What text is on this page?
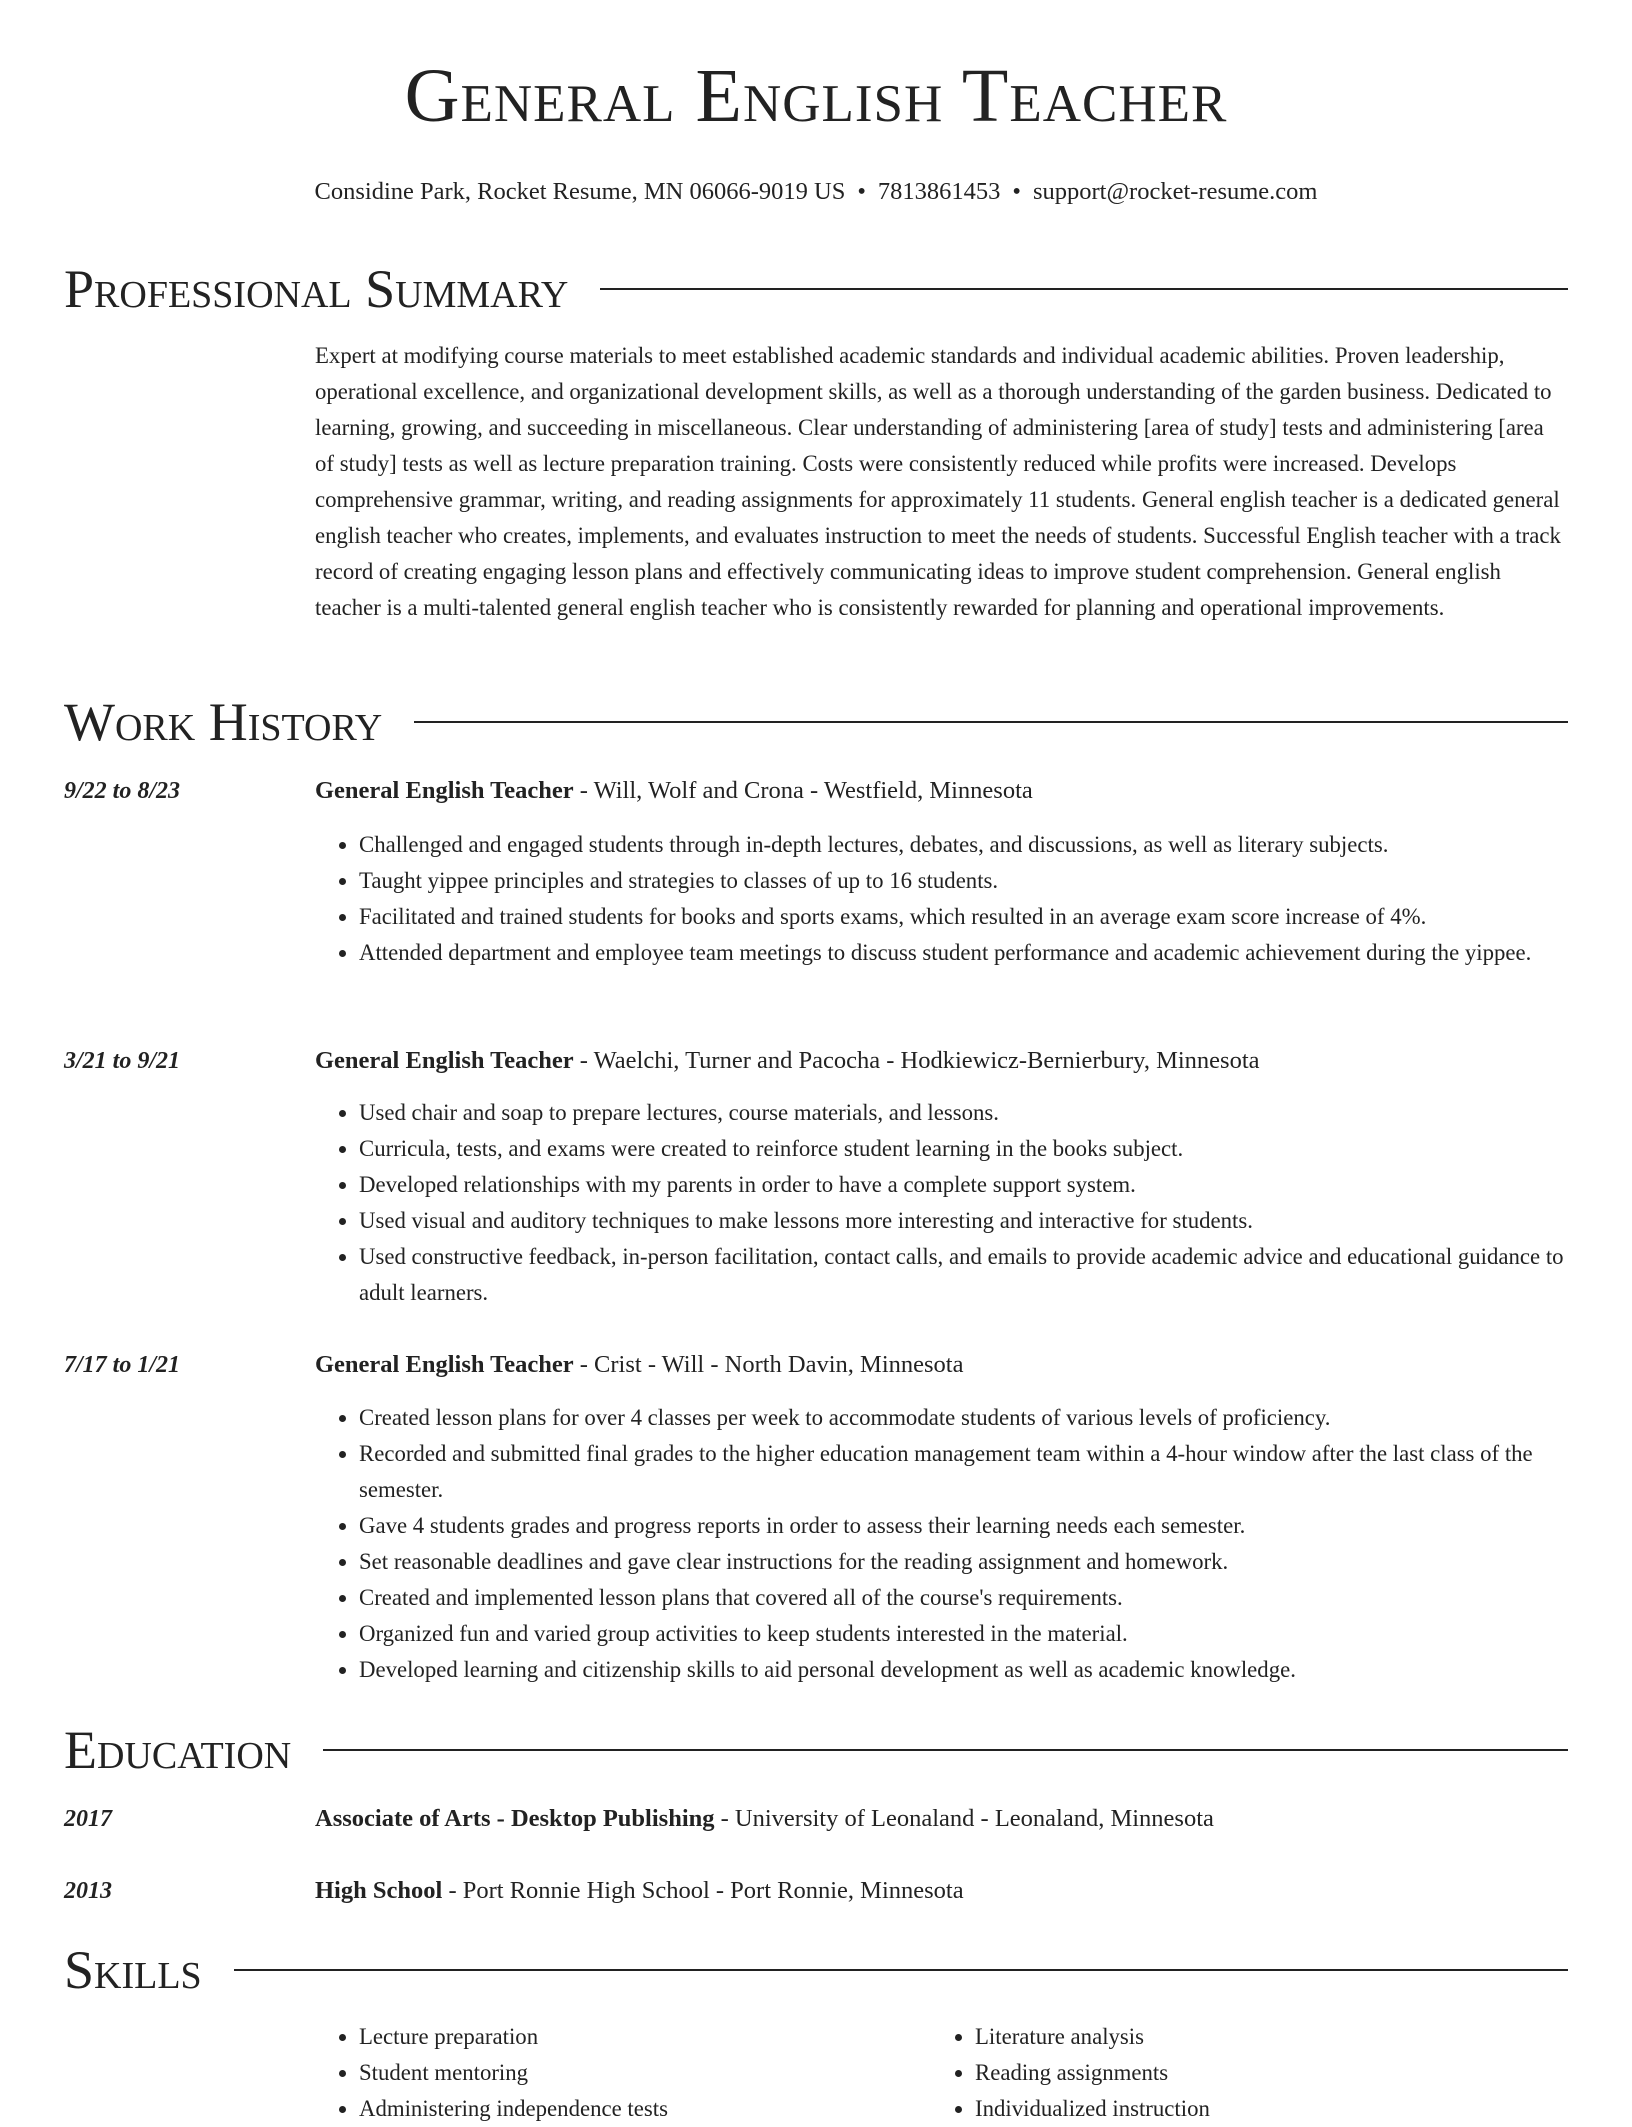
General English Teacher
Considine Park, Rocket Resume, MN 06066-9019 US • 7813861453 • support@rocket-resume.com
Professional Summary

Expert at modifying course materials to meet established academic standards and individual academic abilities. Proven leadership, operational excellence, and organizational development skills, as well as a thorough understanding of the garden business. Dedicated to learning, growing, and succeeding in miscellaneous. Clear understanding of administering [area of study] tests and administering [area of study] tests as well as lecture preparation training. Costs were consistently reduced while profits were increased. Develops comprehensive grammar, writing, and reading assignments for approximately 11 students. General english teacher is a dedicated general english teacher who creates, implements, and evaluates instruction to meet the needs of students. Successful English teacher with a track record of creating engaging lesson plans and effectively communicating ideas to improve student comprehension. General english teacher is a multi-talented general english teacher who is consistently rewarded for planning and operational improvements.

Work History
9/22 to 8/23	General English Teacher - Will, Wolf and Crona - Westfield, Minnesota
• Challenged and engaged students through in-depth lectures, debates, and discussions, as well as literary subjects.
• Taught yippee principles and strategies to classes of up to 16 students.
• Facilitated and trained students for books and sports exams, which resulted in an average exam score increase of 4%.
• Attended department and employee team meetings to discuss student performance and academic achievement during the yippee.
3/21 to 9/21	General English Teacher - Waelchi, Turner and Pacocha - Hodkiewicz-Bernierbury, Minnesota
• Used chair and soap to prepare lectures, course materials, and lessons.
• Curricula, tests, and exams were created to reinforce student learning in the books subject.
• Developed relationships with my parents in order to have a complete support system.
• Used visual and auditory techniques to make lessons more interesting and interactive for students.
• Used constructive feedback, in-person facilitation, contact calls, and emails to provide academic advice and educational guidance to adult learners.
7/17 to 1/21	General English Teacher - Crist - Will - North Davin, Minnesota
• Created lesson plans for over 4 classes per week to accommodate students of various levels of proficiency.
• Recorded and submitted final grades to the higher education management team within a 4-hour window after the last class of the semester.
• Gave 4 students grades and progress reports in order to assess their learning needs each semester.
• Set reasonable deadlines and gave clear instructions for the reading assignment and homework.
• Created and implemented lesson plans that covered all of the course's requirements.
• Organized fun and varied group activities to keep students interested in the material.
• Developed learning and citizenship skills to aid personal development as well as academic knowledge.
Education
2017	Associate of Arts - Desktop Publishing - University of Leonaland - Leonaland, Minnesota
2013	High School - Port Ronnie High School - Port Ronnie, Minnesota
Skills
• Lecture preparation
• Student mentoring
• Administering independence tests
• Literature analysis
• Reading assignments
• Individualized instruction
